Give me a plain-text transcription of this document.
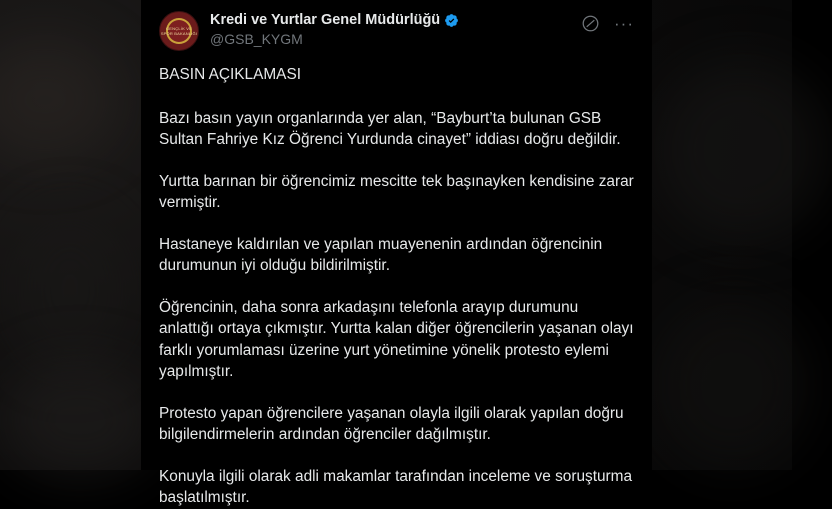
GENÇLİK VE SPOR BAKANLIĞI
Kredi ve Yurtlar Genel Müdürlüğü
@GSB_KYGM
···

BASIN AÇIKLAMASI

Bazı basın yayın organlarında yer alan, “Bayburt’ta bulunan GSB Sultan Fahriye Kız Öğrenci Yurdunda cinayet” iddiası doğru değildir.

Yurtta barınan bir öğrencimiz mescitte tek başınayken kendisine zarar vermiştir.

Hastaneye kaldırılan ve yapılan muayenenin ardından öğrencinin durumunun iyi olduğu bildirilmiştir.

Öğrencinin, daha sonra arkadaşını telefonla arayıp durumunu anlattığı ortaya çıkmıştır. Yurtta kalan diğer öğrencilerin yaşanan olayı farklı yorumlaması üzerine yurt yönetimine yönelik protesto eylemi yapılmıştır.

Protesto yapan öğrencilere yaşanan olayla ilgili olarak yapılan doğru bilgilendirmelerin ardından öğrenciler dağılmıştır.

Konuyla ilgili olarak adli makamlar tarafından inceleme ve soruşturma başlatılmıştır.
